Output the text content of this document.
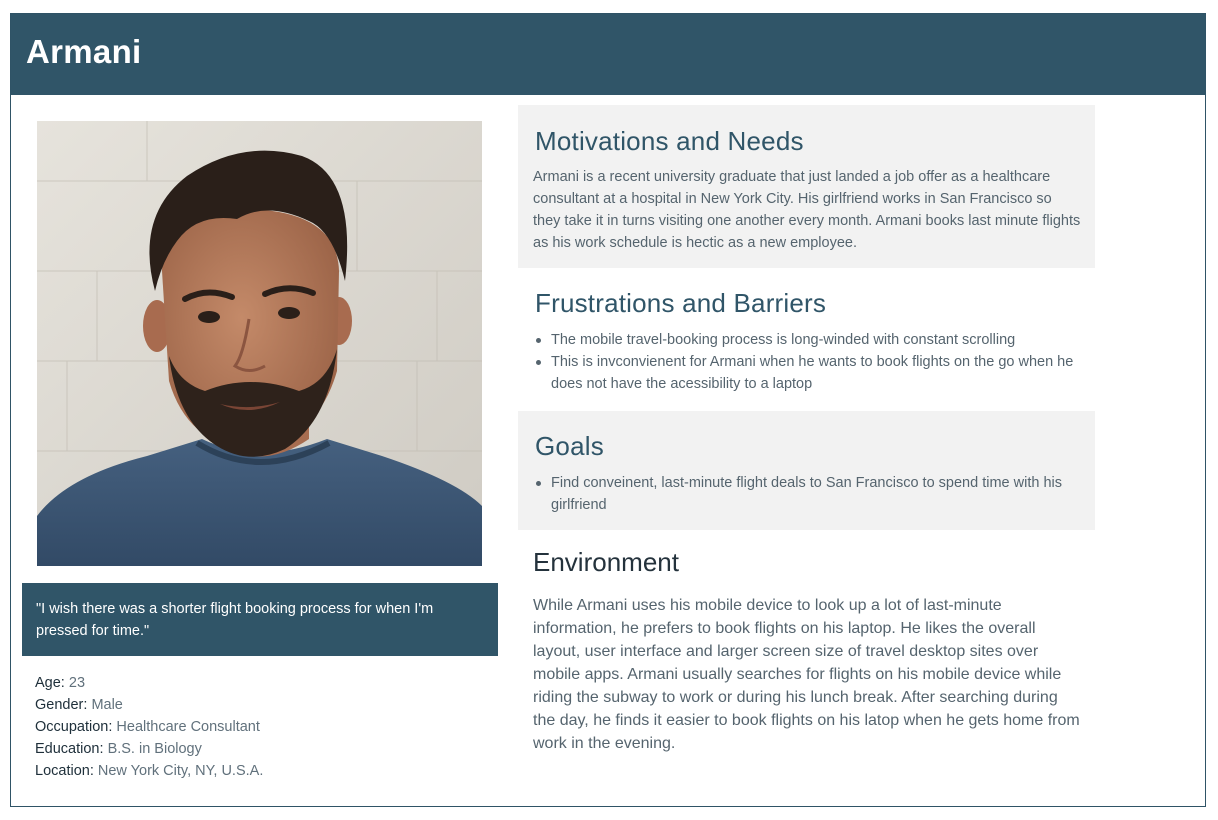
Armani
"I wish there was a shorter flight booking process for when I'm pressed for time."
Age: 23
Gender: Male
Occupation: Healthcare Consultant
Education: B.S. in Biology
Location: New York City, NY, U.S.A.
Motivations and Needs
Armani is a recent university graduate that just landed a job offer as a healthcare consultant at a hospital in New York City. His girlfriend works in San Francisco so they take it in turns visiting one another every month. Armani books last minute flights as his work schedule is hectic as a new employee.
Frustrations and Barriers
The mobile travel-booking process is long-winded with constant scrolling
This is invconvienent for Armani when he wants to book flights on the go when he does not have the acessibility to a laptop
Goals
Find conveinent, last-minute flight deals to San Francisco to spend time with his girlfriend
Environment
While Armani uses his mobile device to look up a lot of last-minute information, he prefers to book flights on his laptop. He likes the overall layout, user interface and larger screen size of travel desktop sites over mobile apps. Armani usually searches for flights on his mobile device while riding the subway to work or during his lunch break. After searching during the day, he finds it easier to book flights on his latop when he gets home from work in the evening.
